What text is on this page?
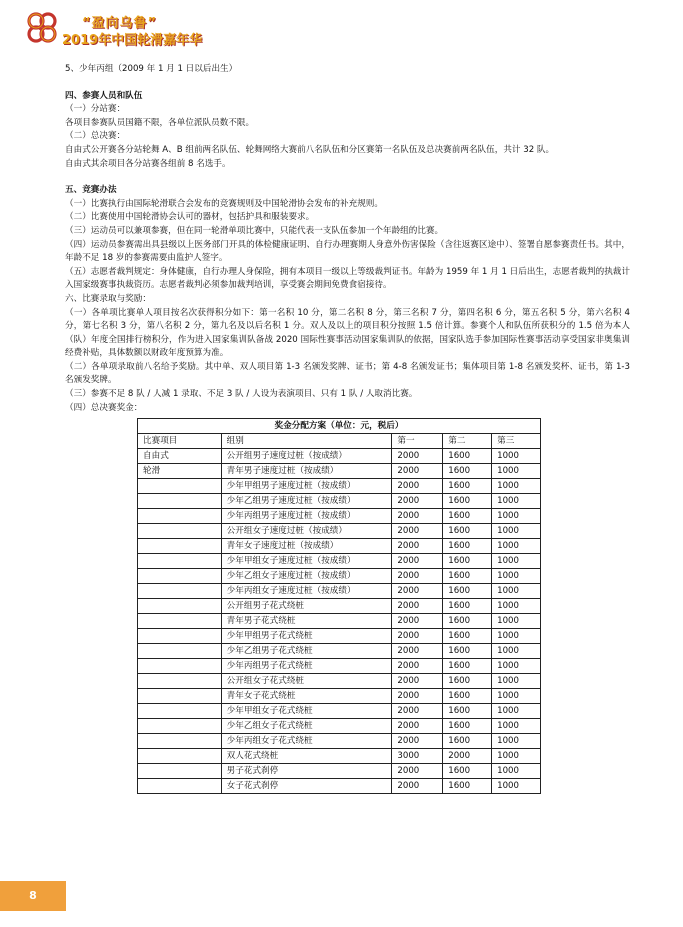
“盈向乌鲁”
2019年中国轮滑嘉年华

5、少年丙组（2009 年 1 月 1 日以后出生）

四、参赛人员和队伍

（一）分站赛：

各项目参赛队员国籍不限，各单位派队员数不限。

（二）总决赛：

自由式公开赛各分站轮舞 A、B 组前两名队伍、轮舞网络大赛前八名队伍和分区赛第一名队伍及总决赛前两名队伍，共计 32 队。

自由式其余项目各分站赛各组前 8 名选手。

五、竞赛办法

（一）比赛执行由国际轮滑联合会发布的竞赛规则及中国轮滑协会发布的补充规则。

（二）比赛使用中国轮滑协会认可的器材，包括护具和服装要求。

（三）运动员可以兼项参赛，但在同一轮滑单项比赛中，只能代表一支队伍参加一个年龄组的比赛。

（四）运动员参赛需出具县级以上医务部门开具的体检健康证明、自行办理赛期人身意外伤害保险（含往返赛区途中）、签署自愿参赛责任书。其中，年龄不足 18 岁的参赛需要由监护人签字。

（五）志愿者裁判规定：身体健康，自行办理人身保险，拥有本项目一级以上等级裁判证书。年龄为 1959 年 1 月 1 日后出生，志愿者裁判的执裁计入国家级赛事执裁资历。志愿者裁判必须参加裁判培训，享受赛会期间免费食宿接待。

六、比赛录取与奖励：

（一）各单项比赛单人项目按名次获得积分如下：第一名积 10 分，第二名积 8 分，第三名积 7 分，第四名积 6 分，第五名积 5 分，第六名积 4 分，第七名积 3 分，第八名积 2 分，第九名及以后名积 1 分。双人及以上的项目积分按照 1.5 倍计算。参赛个人和队伍所获积分的 1.5 倍为本人（队）年度全国排行榜积分，作为进入国家集训队备战 2020 国际性赛事活动国家集训队的依据，国家队选手参加国际性赛事活动享受国家非奥集训经费补贴，具体数额以财政年度预算为准。

（二）各单项录取前八名给予奖励。其中单、双人项目第 1-3 名颁发奖牌、证书；第 4-8 名颁发证书；集体项目第 1-8 名颁发奖杯、证书，第 1-3 名颁发奖牌。

（三）参赛不足 8 队 / 人减 1 录取、不足 3 队 / 人设为表演项目、只有 1 队 / 人取消比赛。

（四）总决赛奖金：

奖金分配方案（单位：元，税后）				
比赛项目	组别	第一	第二	第三
自由式	公开组男子速度过桩（按成绩）	2000	1600	1000
轮滑	青年男子速度过桩（按成绩）	2000	1600	1000
	少年甲组男子速度过桩（按成绩）	2000	1600	1000
	少年乙组男子速度过桩（按成绩）	2000	1600	1000
	少年丙组男子速度过桩（按成绩）	2000	1600	1000
	公开组女子速度过桩（按成绩）	2000	1600	1000
	青年女子速度过桩（按成绩）	2000	1600	1000
	少年甲组女子速度过桩（按成绩）	2000	1600	1000
	少年乙组女子速度过桩（按成绩）	2000	1600	1000
	少年丙组女子速度过桩（按成绩）	2000	1600	1000
	公开组男子花式绕桩	2000	1600	1000
	青年男子花式绕桩	2000	1600	1000
	少年甲组男子花式绕桩	2000	1600	1000
	少年乙组男子花式绕桩	2000	1600	1000
	少年丙组男子花式绕桩	2000	1600	1000
	公开组女子花式绕桩	2000	1600	1000
	青年女子花式绕桩	2000	1600	1000
	少年甲组女子花式绕桩	2000	1600	1000
	少年乙组女子花式绕桩	2000	1600	1000
	少年丙组女子花式绕桩	2000	1600	1000
	双人花式绕桩	3000	2000	1000
	男子花式刹停	2000	1600	1000
	女子花式刹停	2000	1600	1000
8
